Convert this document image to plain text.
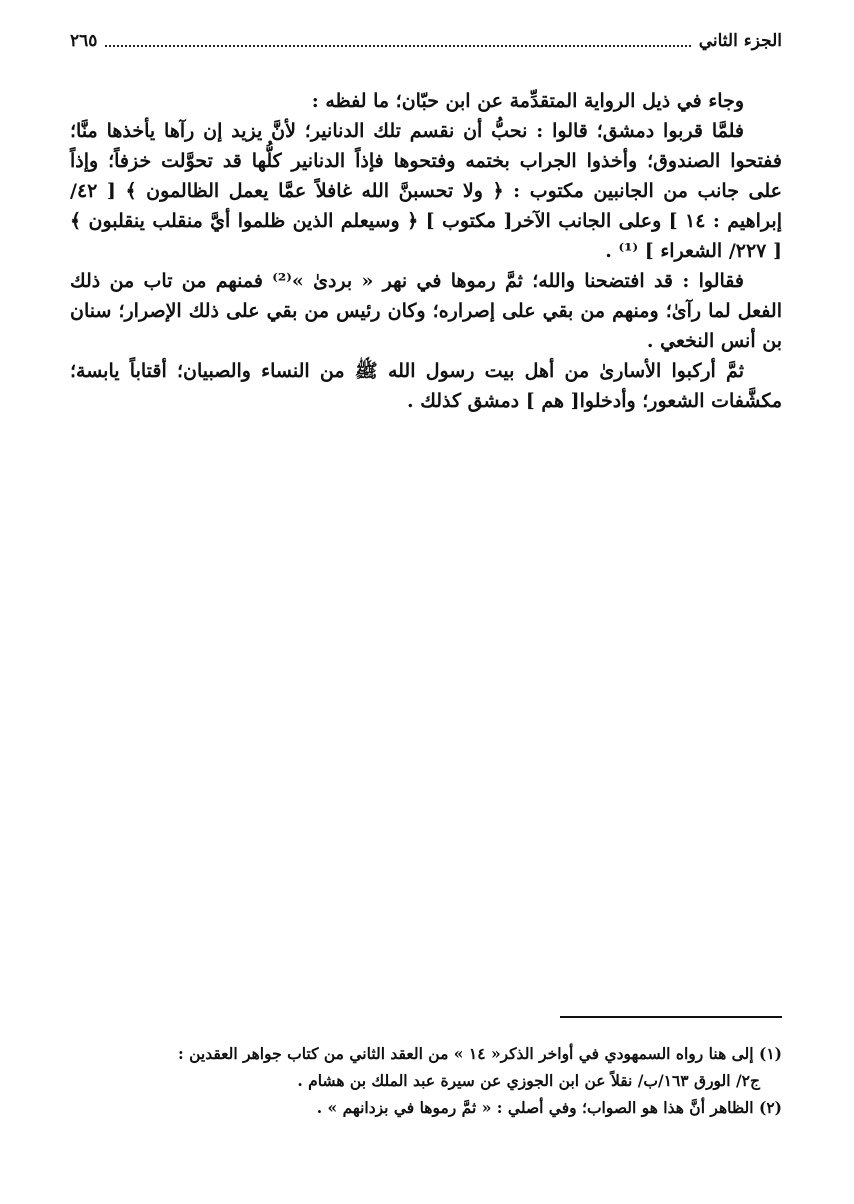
الجزء الثاني
٢٦٥

وجاء في ذيل الرواية المتقدِّمة عن ابن حبّان؛ ما لفظه :

فلمَّا قربوا دمشق؛ قالوا : نحبُّ أن نقسم تلك الدنانير؛ لأنَّ يزيد إن رآها يأخذها منَّا؛ ففتحوا الصندوق؛ وأخذوا الجراب بختمه وفتحوها فإذاً الدنانير كلُّها قد تحوَّلت خزفاً؛ وإذاً على جانب من الجانبين مكتوب : ﴿ ولا تحسبنَّ الله غافلاً عمَّا يعمل الظالمون ﴾ [ ٤٢/ إبراهيم : ١٤ ] وعلى الجانب الآخر[ مكتوب ] ﴿ وسيعلم الذين ظلموا أيَّ منقلب ينقلبون ﴾ [ ٢٢٧/ الشعراء ] ⁽¹⁾ .

فقالوا : قد افتضحنا والله؛ ثمَّ رموها في نهر « بردىٰ »⁽²⁾ فمنهم من تاب من ذلك الفعل لما رآىٰ؛ ومنهم من بقي على إصراره؛ وكان رئيس من بقي على ذلك الإصرار؛ سنان بن أنس النخعي .

ثمَّ أركبوا الأسارىٰ من أهل بيت رسول الله ﷺ من النساء والصبيان؛ أقتاباً يابسة؛ مكشَّفات الشعور؛ وأدخلوا[ هم ] دمشق كذلك .

(١) إلى هنا رواه السمهودي في أواخر الذكر« ١٤ » من العقد الثاني من كتاب جواهر العقدين :

ج٢/ الورق ١٦٣/ب/ نقلاً عن ابن الجوزي عن سيرة عبد الملك بن هشام .

(٢) الظاهر أنَّ هذا هو الصواب؛ وفي أصلي : « ثمَّ رموها في بزدانهم » .
